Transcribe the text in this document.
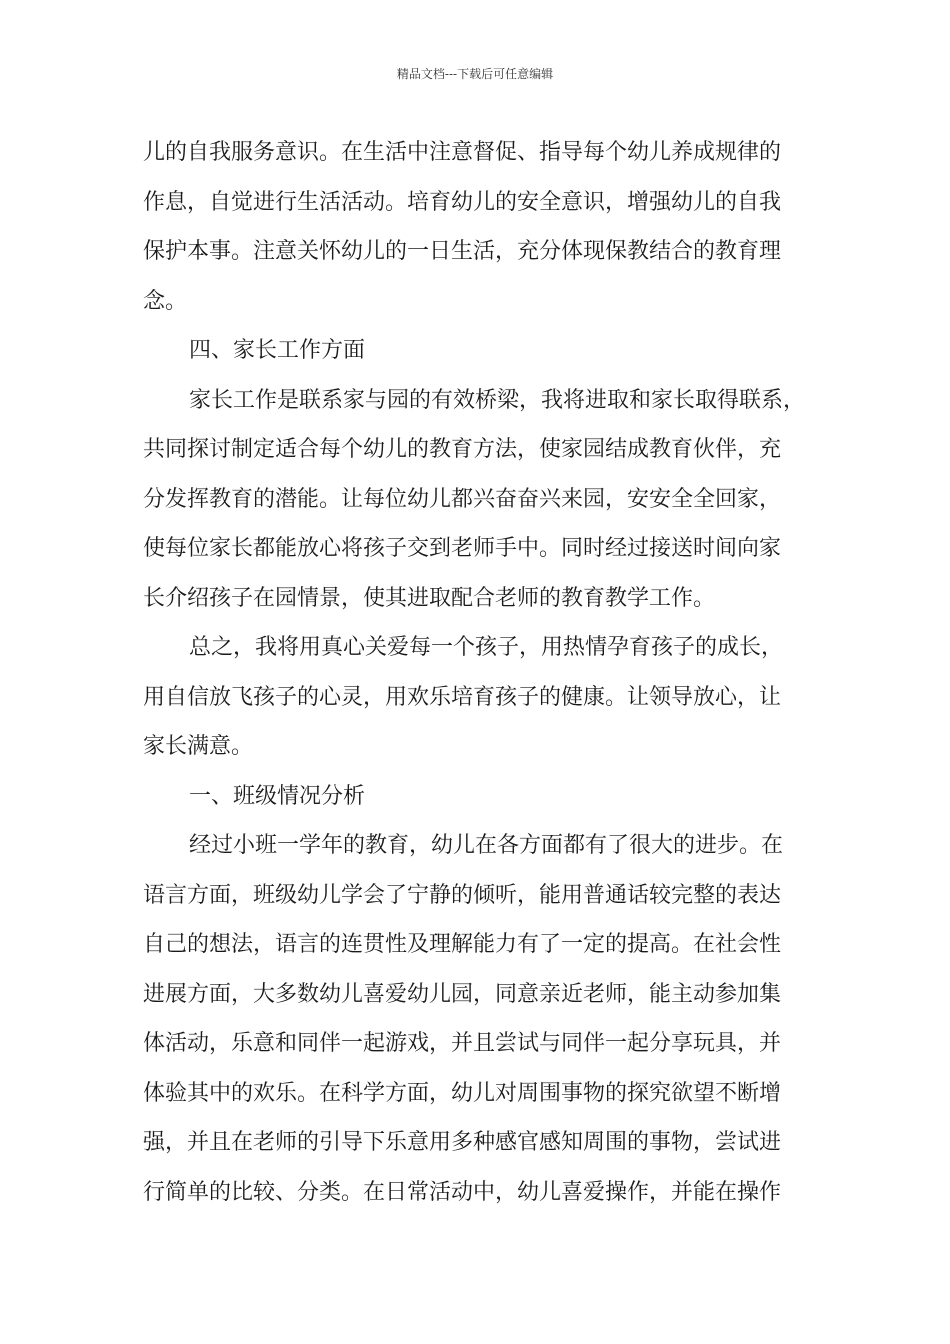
精品文档---下载后可任意编辑
儿的自我服务意识。在生活中注意督促、指导每个幼儿养成规律的
作息，自觉进行生活活动。培育幼儿的安全意识，增强幼儿的自我
保护本事。注意关怀幼儿的一日生活，充分体现保教结合的教育理
念。
四、家长工作方面
家长工作是联系家与园的有效桥梁，我将进取和家长取得联系，
共同探讨制定适合每个幼儿的教育方法，使家园结成教育伙伴，充
分发挥教育的潜能。让每位幼儿都兴奋奋兴来园，安安全全回家，
使每位家长都能放心将孩子交到老师手中。同时经过接送时间向家
长介绍孩子在园情景，使其进取配合老师的教育教学工作。
总之，我将用真心关爱每一个孩子，用热情孕育孩子的成长，
用自信放飞孩子的心灵，用欢乐培育孩子的健康。让领导放心，让
家长满意。
一、班级情况分析
经过小班一学年的教育，幼儿在各方面都有了很大的进步。在
语言方面，班级幼儿学会了宁静的倾听，能用普通话较完整的表达
自己的想法，语言的连贯性及理解能力有了一定的提高。在社会性
进展方面，大多数幼儿喜爱幼儿园，同意亲近老师，能主动参加集
体活动，乐意和同伴一起游戏，并且尝试与同伴一起分享玩具，并
体验其中的欢乐。在科学方面，幼儿对周围事物的探究欲望不断增
强，并且在老师的引导下乐意用多种感官感知周围的事物，尝试进
行简单的比较、分类。在日常活动中，幼儿喜爱操作，并能在操作
